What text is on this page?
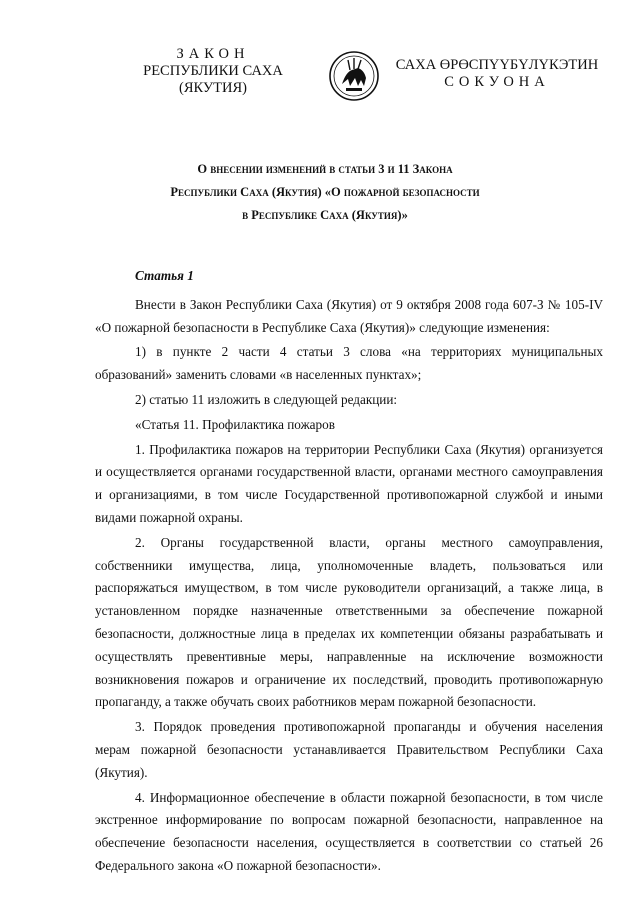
ЗАКОН
РЕСПУБЛИКИ САХА (ЯКУТИЯ)
САХА ӨРӨСПҮҮБҮЛҮКЭТИН
СОКУОНА
О внесении изменений в статьи 3 и 11 Закона
Республики Саха (Якутия) «О пожарной безопасности
в Республике Саха (Якутия)»
Статья 1

Внести в Закон Республики Саха (Якутия) от 9 октября 2008 года 607-З № 105-IV «О пожарной безопасности в Республике Саха (Якутия)» следующие изменения:

1) в пункте 2 части 4 статьи 3 слова «на территориях муниципальных образований» заменить словами «в населенных пунктах»;

2) статью 11 изложить в следующей редакции:

«Статья 11. Профилактика пожаров

1. Профилактика пожаров на территории Республики Саха (Якутия) организуется и осуществляется органами государственной власти, органами местного самоуправления и организациями, в том числе Государственной противопожарной службой и иными видами пожарной охраны.

2. Органы государственной власти, органы местного самоуправления, собственники имущества, лица, уполномоченные владеть, пользоваться или распоряжаться имуществом, в том числе руководители организаций, а также лица, в установленном порядке назначенные ответственными за обеспечение пожарной безопасности, должностные лица в пределах их компетенции обязаны разрабатывать и осуществлять превентивные меры, направленные на исключение возможности возникновения пожаров и ограничение их последствий, проводить противопожарную пропаганду, а также обучать своих работников мерам пожарной безопасности.

3. Порядок проведения противопожарной пропаганды и обучения населения мерам пожарной безопасности устанавливается Правительством Республики Саха (Якутия).

4. Информационное обеспечение в области пожарной безопасности, в том числе экстренное информирование по вопросам пожарной безопасности, направленное на обеспечение безопасности населения, осуществляется в соответствии со статьей 26 Федерального закона «О пожарной безопасности».
